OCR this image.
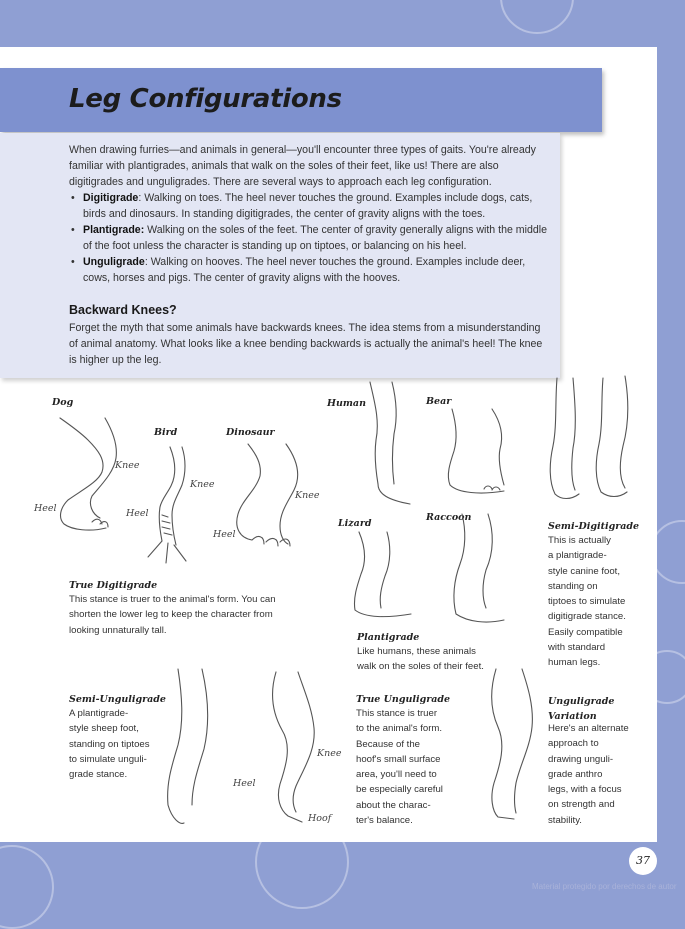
Leg Configurations
When drawing furries—and animals in general—you'll encounter three types of gaits. You're already familiar with plantigrades, animals that walk on the soles of their feet, like us! There are also digitigrades and unguligrades. There are several ways to approach each leg configuration.
• Digitigrade: Walking on toes. The heel never touches the ground. Examples include dogs, cats, birds and dinosaurs. In standing digitigrades, the center of gravity aligns with the toes.
• Plantigrade: Walking on the soles of the feet. The center of gravity generally aligns with the middle of the foot unless the character is standing up on tiptoes, or balancing on his heel.
• Unguligrade: Walking on hooves. The heel never touches the ground. Examples include deer, cows, horses and pigs. The center of gravity aligns with the hooves.
Backward Knees?
Forget the myth that some animals have backwards knees. The idea stems from a misunderstanding of animal anatomy. What looks like a knee bending backwards is actually the animal's heel! The knee is higher up the leg.
Dog
Bird	Dinosaur
Human	Bear
Lizard
Raccoon
Knee
Heel
Knee
Heel
Knee
Heel
Knee
Heel
Hoof
True Digitigrade
This stance is truer to the animal's form. You can shorten the lower leg to keep the character from looking unnaturally tall.
Semi-Digitigrade
This is actually
a plantigrade-
style canine foot,
standing on
tiptoes to simulate
digitigrade stance.
Easily compatible
with standard
human legs.
Plantigrade
Like humans, these animals walk on the soles of their feet.
Semi-Unguligrade
A plantigrade-
style sheep foot,
standing on tiptoes
to simulate unguli-
grade stance.
True Unguligrade
This stance is truer
to the animal's form.
Because of the
hoof's small surface
area, you'll need to
be especially careful
about the charac-
ter's balance.
Unguligrade
Variation
Here's an alternate
approach to
drawing unguli-
grade anthro
legs, with a focus
on strength and
stability.
37
Material protegido por derechos de autor
